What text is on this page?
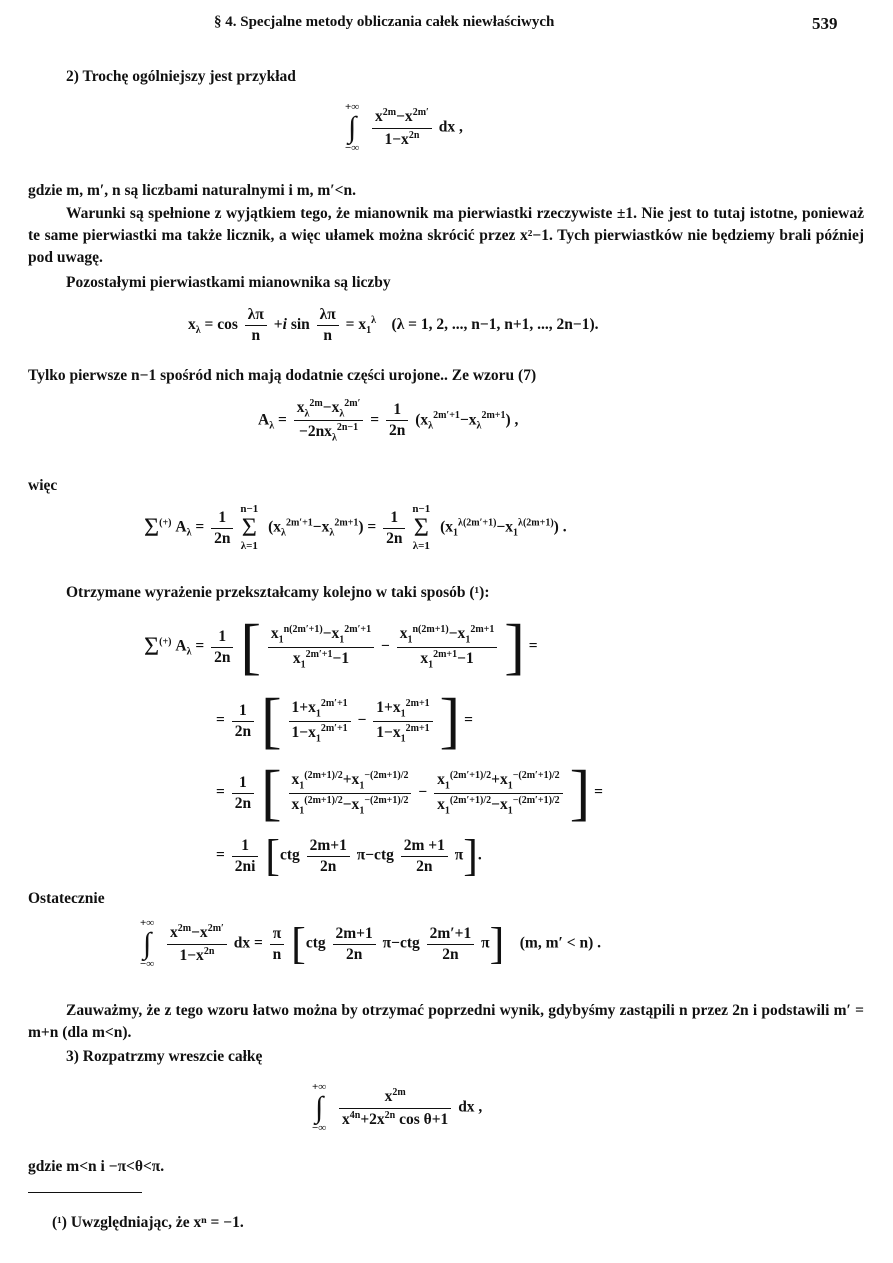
§ 4. Specjalne metody obliczania całek niewłaściwych	539
2) Trochę ogólniejszy jest przykład
+∞
∫
−∞
$\frac{x^{2m}-x^{2m'}}{1-x^{2n}}$ dx ,
gdzie m, m′, n są liczbami naturalnymi i m, m′<n.
Warunki są spełnione z wyjątkiem tego, że mianownik ma pierwiastki rzeczywiste ±1. Nie jest to tutaj istotne, ponieważ te same pierwiastki ma także licznik, a więc ułamek można skrócić przez x²−1. Tych pierwiastków nie będziemy brali później pod uwagę.
Pozostałymi pierwiastkami mianownika są liczby
$x_\lambda = \cos \frac{\lambda\pi}{n} +i$ $\sin \frac{\lambda\pi}{n} = x_1^\lambda$    (λ = 1, 2, ..., n−1, n+1, ..., 2n−1).
Tylko pierwsze n−1 spośród nich mają dodatnie części urojone.. Ze wzoru (7)
$A_\lambda = \frac{x_\lambda^{2m}-x_\lambda^{2m'}}{-2nx_\lambda^{2n-1}} = \frac{1}{2n} (x_\lambda^{2m'+1}-x_\lambda^{2m+1})$ ,
więc
Σ(+) $A_\lambda = \frac{1}{2n}$
n−1
Σ
λ=1
$(x_\lambda^{2m'+1}-x_\lambda^{2m+1}) = \frac{1}{2n}$
n−1
Σ
λ=1
$(x_1^{\lambda(2m'+1)}-x_1^{\lambda(2m+1)})$ .
Otrzymane wyrażenie przekształcamy kolejno w taki sposób (¹):
Σ(+) $A_\lambda = \frac{1}{2n}$ [ $\frac{x_1^{n(2m'+1)}-x_1^{2m'+1}}{x_1^{2m'+1}-1} - \frac{x_1^{n(2m+1)}-x_1^{2m+1}}{x_1^{2m+1}-1}$ ] =
= $\frac{1}{2n}$ [ $\frac{1+x_1^{2m'+1}}{1-x_1^{2m'+1}} - \frac{1+x_1^{2m+1}}{1-x_1^{2m+1}}$ ] =
= $\frac{1}{2n}$ [ $\frac{x_1^{(2m+1)/2}+x_1^{-(2m+1)/2}}{x_1^{(2m+1)/2}-x_1^{-(2m+1)/2}} - \frac{x_1^{(2m'+1)/2}+x_1^{-(2m'+1)/2}}{x_1^{(2m'+1)/2}-x_1^{-(2m'+1)/2}}$ ] =
= $\frac{1}{2ni} [ctg \frac{2m+1}{2n} \pi-ctg \frac{2m +1}{2n} \pi]$.
Ostatecznie
+∞
∫
−∞
$\frac{x^{2m}-x^{2m'}}{1-x^{2n}}$ dx = $\frac{\pi}{n} [ctg \frac{2m+1}{2n} \pi-ctg \frac{2m'+1}{2n} \pi]$    (m, m′ < n) .
Zauważmy, że z tego wzoru łatwo można by otrzymać poprzedni wynik, gdybyśmy zastąpili n przez 2n i podstawili m′ = m+n (dla m<n).
3) Rozpatrzmy wreszcie całkę
+∞
∫
−∞
$\frac{x^{2m}}{x^{4n}+2x^{2n} \cos \theta+1}$ dx ,
gdzie m<n i −π<θ<π.
(¹) Uwzględniając, że xⁿ = −1.
